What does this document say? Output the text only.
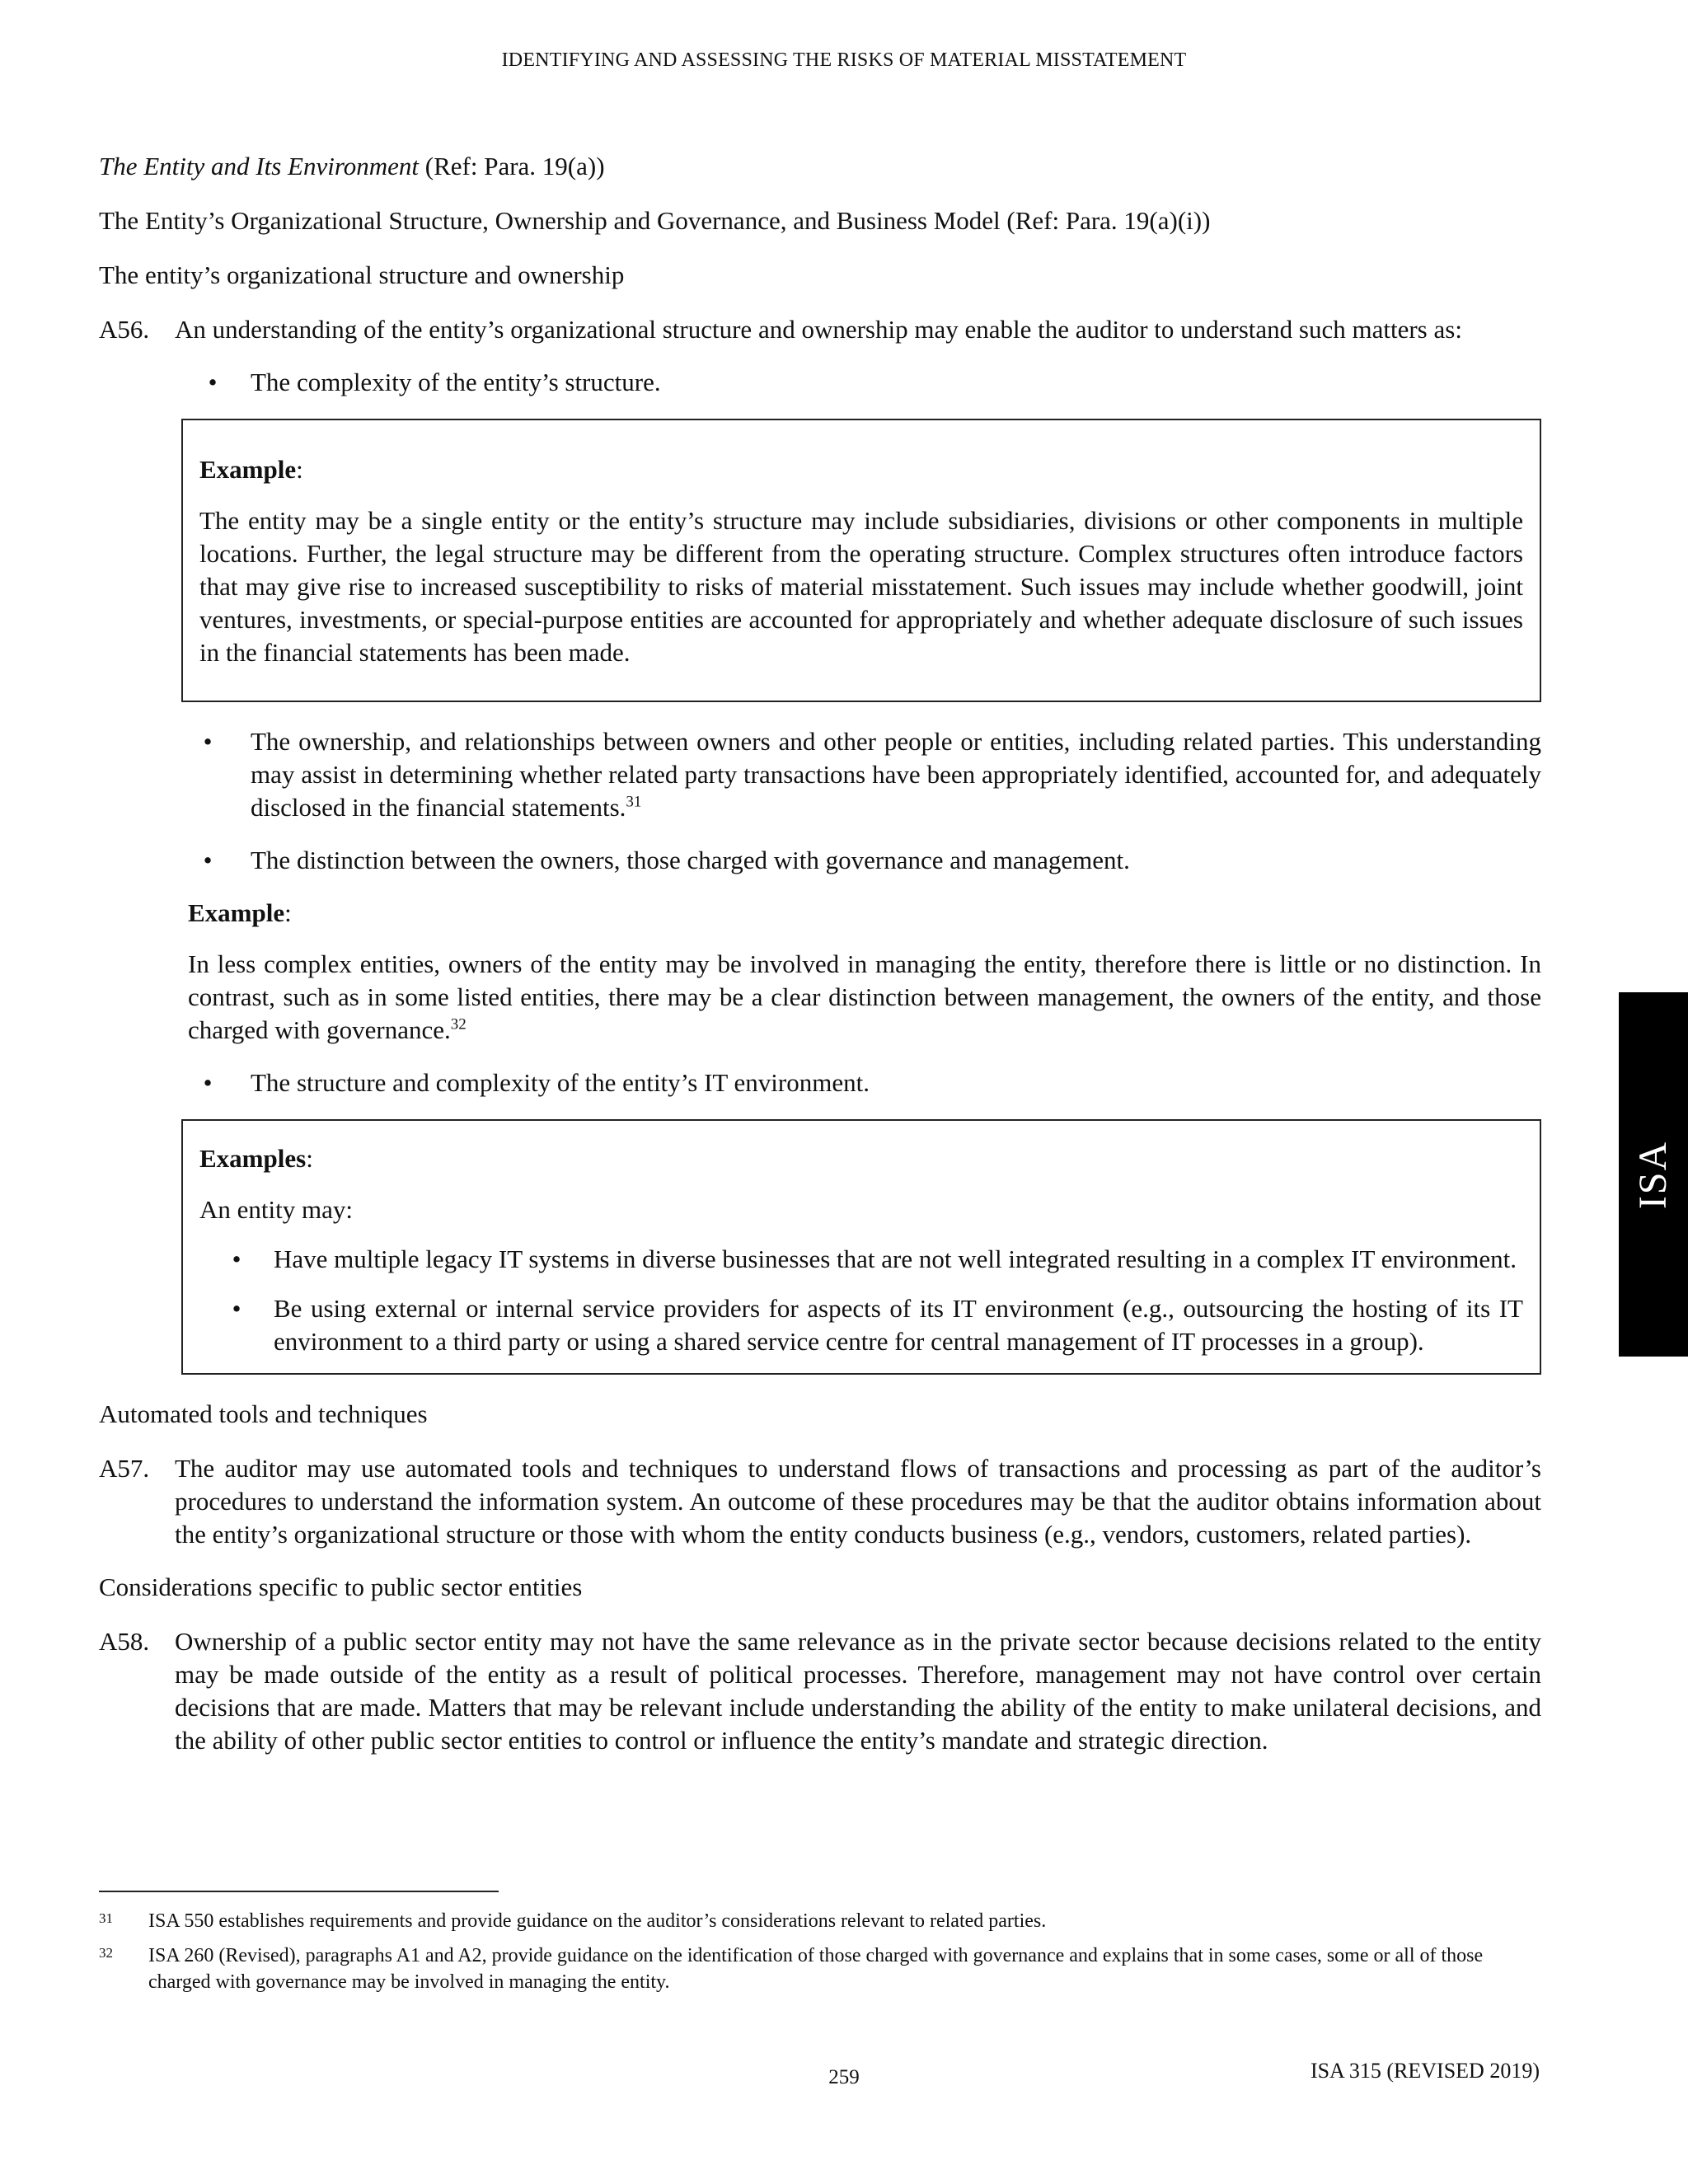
IDENTIFYING AND ASSESSING THE RISKS OF MATERIAL MISSTATEMENT

The Entity and Its Environment (Ref: Para. 19(a))

The Entity’s Organizational Structure, Ownership and Governance, and Business Model (Ref: Para. 19(a)(i))

The entity’s organizational structure and ownership

A56. An understanding of the entity’s organizational structure and ownership may enable the auditor to understand such matters as:

•	The complexity of the entity’s structure.

Example:

The entity may be a single entity or the entity’s structure may include subsidiaries, divisions or other components in multiple locations. Further, the legal structure may be different from the operating structure. Complex structures often introduce factors that may give rise to increased susceptibility to risks of material misstatement. Such issues may include whether goodwill, joint ventures, investments, or special-purpose entities are accounted for appropriately and whether adequate disclosure of such issues in the financial statements has been made.

•	The ownership, and relationships between owners and other people or entities, including related parties. This understanding may assist in determining whether related party transactions have been appropriately identified, accounted for, and adequately disclosed in the financial statements.$^{31}$

•	The distinction between the owners, those charged with governance and management.

Example:

In less complex entities, owners of the entity may be involved in managing the entity, therefore there is little or no distinction. In contrast, such as in some listed entities, there may be a clear distinction between management, the owners of the entity, and those charged with governance.$^{32}$

•	The structure and complexity of the entity’s IT environment.

Examples:

An entity may:

•	Have multiple legacy IT systems in diverse businesses that are not well integrated resulting in a complex IT environment.

•	Be using external or internal service providers for aspects of its IT environment (e.g., outsourcing the hosting of its IT environment to a third party or using a shared service centre for central management of IT processes in a group).

Automated tools and techniques

A57. The auditor may use automated tools and techniques to understand flows of transactions and processing as part of the auditor’s procedures to understand the information system. An outcome of these procedures may be that the auditor obtains information about the entity’s organizational structure or those with whom the entity conducts business (e.g., vendors, customers, related parties).

Considerations specific to public sector entities

A58. Ownership of a public sector entity may not have the same relevance as in the private sector because decisions related to the entity may be made outside of the entity as a result of political processes. Therefore, management may not have control over certain decisions that are made. Matters that may be relevant include understanding the ability of the entity to make unilateral decisions, and the ability of other public sector entities to control or influence the entity’s mandate and strategic direction.

31	ISA 550 establishes requirements and provide guidance on the auditor’s considerations relevant to related parties.

32	ISA 260 (Revised), paragraphs A1 and A2, provide guidance on the identification of those charged with governance and explains that in some cases, some or all of those charged with governance may be involved in managing the entity.

259	ISA 315 (REVISED 2019)
ISA
